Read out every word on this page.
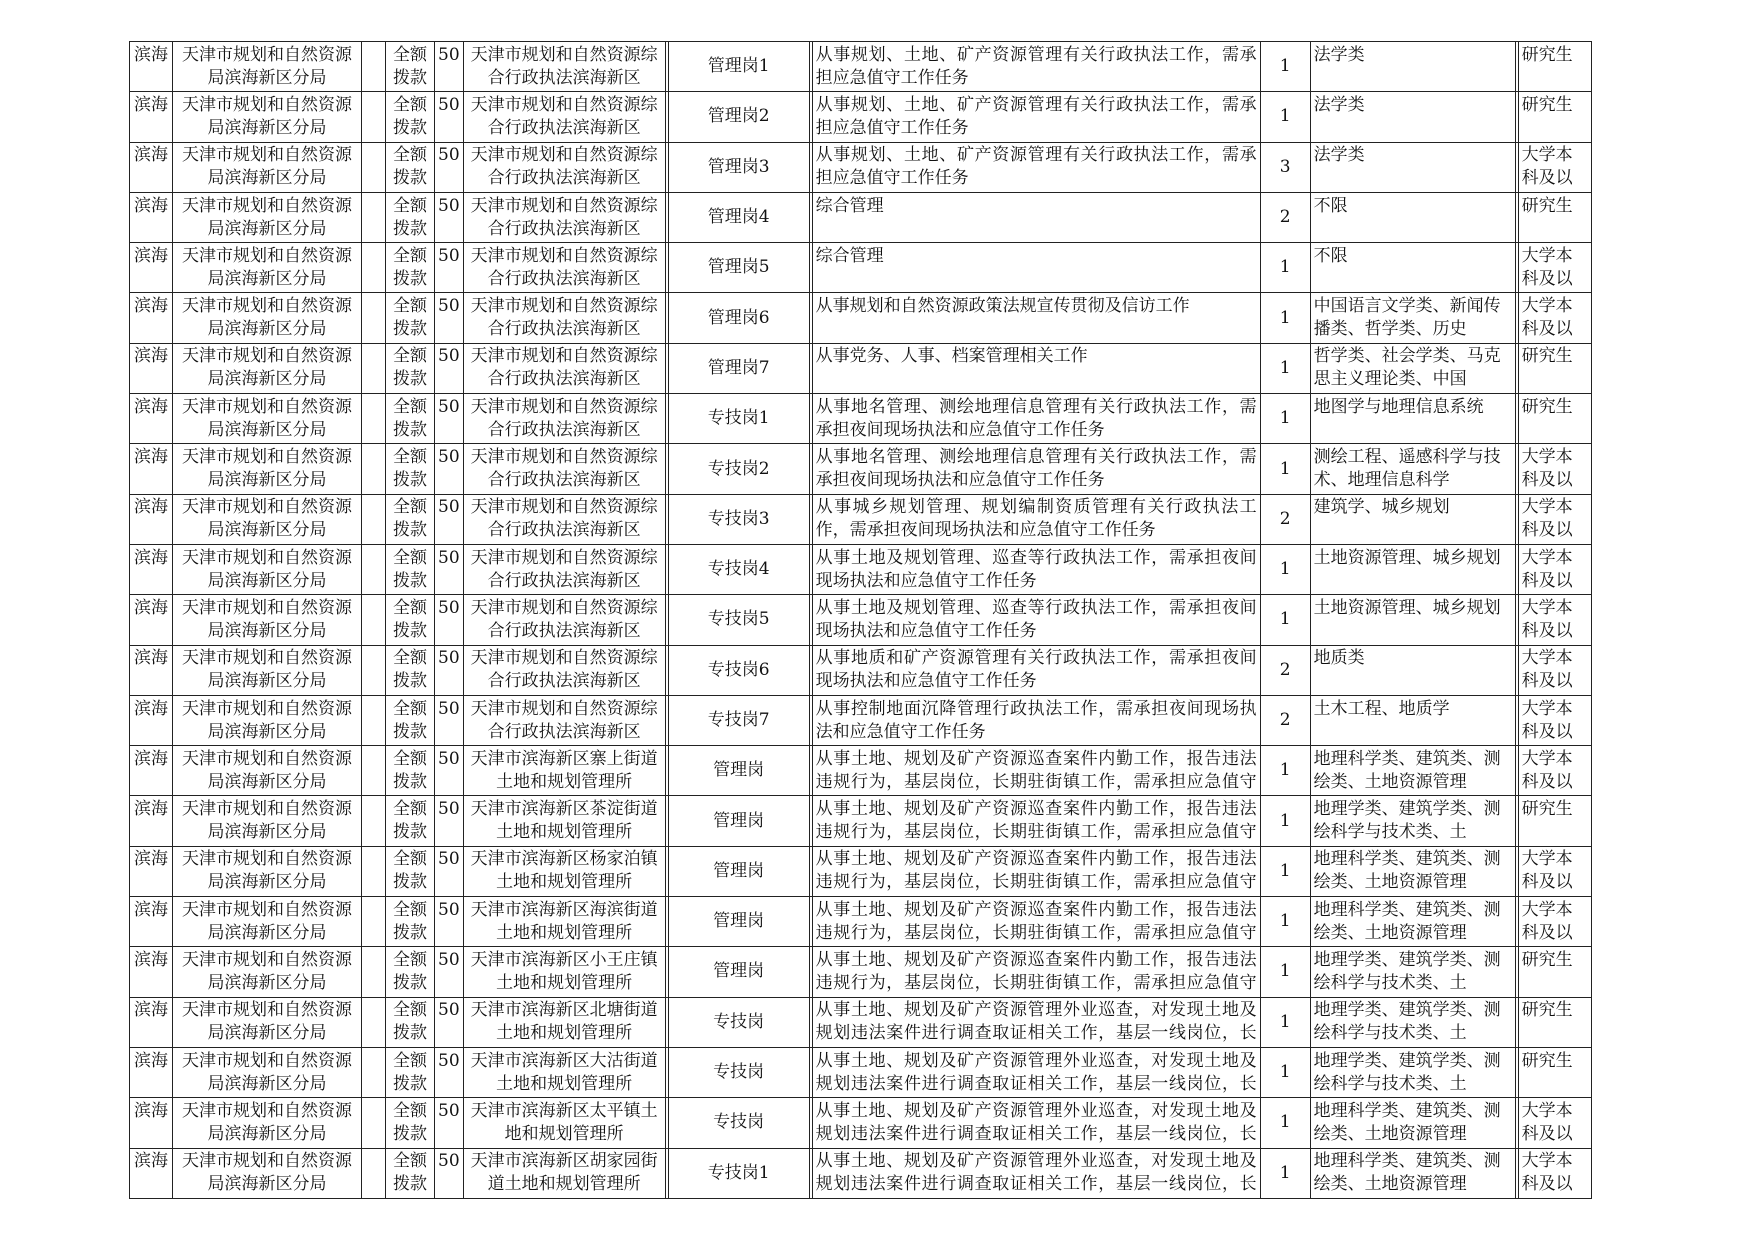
滨海	天津市规划和自然资源局滨海新区分局		全额拨款	50	天津市规划和自然资源综合行政执法滨海新区		管理岗1		从事规划、土地、矿产资源管理有关行政执法工作，需承担应急值守工作任务	1	法学类		研究生

滨海	天津市规划和自然资源局滨海新区分局		全额拨款	50	天津市规划和自然资源综合行政执法滨海新区		管理岗2		从事规划、土地、矿产资源管理有关行政执法工作，需承担应急值守工作任务	1	法学类		研究生

滨海	天津市规划和自然资源局滨海新区分局		全额拨款	50	天津市规划和自然资源综合行政执法滨海新区		管理岗3		从事规划、土地、矿产资源管理有关行政执法工作，需承担应急值守工作任务	3	法学类		大学本科及以

滨海	天津市规划和自然资源局滨海新区分局		全额拨款	50	天津市规划和自然资源综合行政执法滨海新区		管理岗4		综合管理	2	不限		研究生

滨海	天津市规划和自然资源局滨海新区分局		全额拨款	50	天津市规划和自然资源综合行政执法滨海新区		管理岗5		综合管理	1	不限		大学本科及以

滨海	天津市规划和自然资源局滨海新区分局		全额拨款	50	天津市规划和自然资源综合行政执法滨海新区		管理岗6		从事规划和自然资源政策法规宣传贯彻及信访工作	1	中国语言文学类、新闻传播类、哲学类、历史		大学本科及以

滨海	天津市规划和自然资源局滨海新区分局		全额拨款	50	天津市规划和自然资源综合行政执法滨海新区		管理岗7		从事党务、人事、档案管理相关工作	1	哲学类、社会学类、马克思主义理论类、中国		研究生

滨海	天津市规划和自然资源局滨海新区分局		全额拨款	50	天津市规划和自然资源综合行政执法滨海新区		专技岗1		从事地名管理、测绘地理信息管理有关行政执法工作，需承担夜间现场执法和应急值守工作任务	1	地图学与地理信息系统		研究生

滨海	天津市规划和自然资源局滨海新区分局		全额拨款	50	天津市规划和自然资源综合行政执法滨海新区		专技岗2		从事地名管理、测绘地理信息管理有关行政执法工作，需承担夜间现场执法和应急值守工作任务	1	测绘工程、遥感科学与技术、地理信息科学		大学本科及以

滨海	天津市规划和自然资源局滨海新区分局		全额拨款	50	天津市规划和自然资源综合行政执法滨海新区		专技岗3		从事城乡规划管理、规划编制资质管理有关行政执法工作，需承担夜间现场执法和应急值守工作任务	2	建筑学、城乡规划		大学本科及以

滨海	天津市规划和自然资源局滨海新区分局		全额拨款	50	天津市规划和自然资源综合行政执法滨海新区		专技岗4		从事土地及规划管理、巡查等行政执法工作，需承担夜间现场执法和应急值守工作任务	1	土地资源管理、城乡规划		大学本科及以

滨海	天津市规划和自然资源局滨海新区分局		全额拨款	50	天津市规划和自然资源综合行政执法滨海新区		专技岗5		从事土地及规划管理、巡查等行政执法工作，需承担夜间现场执法和应急值守工作任务	1	土地资源管理、城乡规划		大学本科及以

滨海	天津市规划和自然资源局滨海新区分局		全额拨款	50	天津市规划和自然资源综合行政执法滨海新区		专技岗6		从事地质和矿产资源管理有关行政执法工作，需承担夜间现场执法和应急值守工作任务	2	地质类		大学本科及以

滨海	天津市规划和自然资源局滨海新区分局		全额拨款	50	天津市规划和自然资源综合行政执法滨海新区		专技岗7		从事控制地面沉降管理行政执法工作，需承担夜间现场执法和应急值守工作任务	2	土木工程、地质学		大学本科及以

滨海	天津市规划和自然资源局滨海新区分局		全额拨款	50	天津市滨海新区寨上街道土地和规划管理所		管理岗		从事土地、规划及矿产资源巡查案件内勤工作，报告违法违规行为，基层岗位，长期驻街镇工作，需承担应急值守	1	地理科学类、建筑类、测绘类、土地资源管理		大学本科及以

滨海	天津市规划和自然资源局滨海新区分局		全额拨款	50	天津市滨海新区茶淀街道土地和规划管理所		管理岗		从事土地、规划及矿产资源巡查案件内勤工作，报告违法违规行为，基层岗位，长期驻街镇工作，需承担应急值守	1	地理学类、建筑学类、测绘科学与技术类、土		研究生

滨海	天津市规划和自然资源局滨海新区分局		全额拨款	50	天津市滨海新区杨家泊镇土地和规划管理所		管理岗		从事土地、规划及矿产资源巡查案件内勤工作，报告违法违规行为，基层岗位，长期驻街镇工作，需承担应急值守	1	地理科学类、建筑类、测绘类、土地资源管理		大学本科及以

滨海	天津市规划和自然资源局滨海新区分局		全额拨款	50	天津市滨海新区海滨街道土地和规划管理所		管理岗		从事土地、规划及矿产资源巡查案件内勤工作，报告违法违规行为，基层岗位，长期驻街镇工作，需承担应急值守	1	地理科学类、建筑类、测绘类、土地资源管理		大学本科及以

滨海	天津市规划和自然资源局滨海新区分局		全额拨款	50	天津市滨海新区小王庄镇土地和规划管理所		管理岗		从事土地、规划及矿产资源巡查案件内勤工作，报告违法违规行为，基层岗位，长期驻街镇工作，需承担应急值守	1	地理学类、建筑学类、测绘科学与技术类、土		研究生

滨海	天津市规划和自然资源局滨海新区分局		全额拨款	50	天津市滨海新区北塘街道土地和规划管理所		专技岗		从事土地、规划及矿产资源管理外业巡查，对发现土地及规划违法案件进行调查取证相关工作，基层一线岗位，长	1	地理学类、建筑学类、测绘科学与技术类、土		研究生

滨海	天津市规划和自然资源局滨海新区分局		全额拨款	50	天津市滨海新区大沽街道土地和规划管理所		专技岗		从事土地、规划及矿产资源管理外业巡查，对发现土地及规划违法案件进行调查取证相关工作，基层一线岗位，长	1	地理学类、建筑学类、测绘科学与技术类、土		研究生

滨海	天津市规划和自然资源局滨海新区分局		全额拨款	50	天津市滨海新区太平镇土地和规划管理所		专技岗		从事土地、规划及矿产资源管理外业巡查，对发现土地及规划违法案件进行调查取证相关工作，基层一线岗位，长	1	地理科学类、建筑类、测绘类、土地资源管理		大学本科及以

滨海	天津市规划和自然资源局滨海新区分局		全额拨款	50	天津市滨海新区胡家园街道土地和规划管理所		专技岗1		从事土地、规划及矿产资源管理外业巡查，对发现土地及规划违法案件进行调查取证相关工作，基层一线岗位，长	1	地理科学类、建筑类、测绘类、土地资源管理		大学本科及以
